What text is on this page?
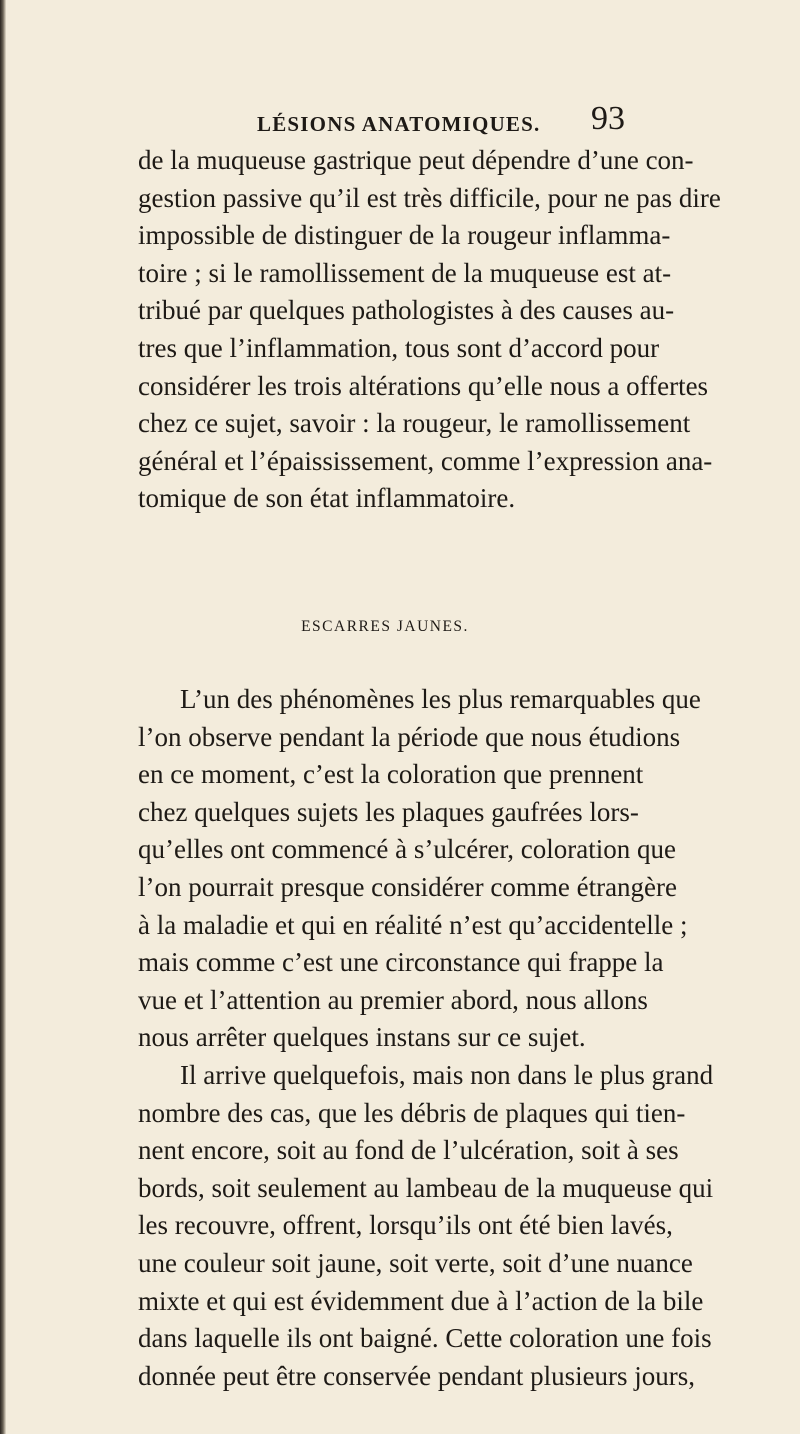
LÉSIONS ANATOMIQUES. 93
de la muqueuse gastrique peut dépendre d’une con-
gestion passive qu’il est très difficile, pour ne pas dire
impossible de distinguer de la rougeur inflamma-
toire ; si le ramollissement de la muqueuse est at-
tribué par quelques pathologistes à des causes au-
tres que l’inflammation, tous sont d’accord pour
considérer les trois altérations qu’elle nous a offertes
chez ce sujet, savoir : la rougeur, le ramollissement
général et l’épaississement, comme l’expression ana-
tomique de son état inflammatoire.
ESCARRES JAUNES.
L’un des phénomènes les plus remarquables que
l’on observe pendant la période que nous étudions
en ce moment, c’est la coloration que prennent
chez quelques sujets les plaques gaufrées lors-
qu’elles ont commencé à s’ulcérer, coloration que
l’on pourrait presque considérer comme étrangère
à la maladie et qui en réalité n’est qu’accidentelle ;
mais comme c’est une circonstance qui frappe la
vue et l’attention au premier abord, nous allons
nous arrêter quelques instans sur ce sujet.
Il arrive quelquefois, mais non dans le plus grand
nombre des cas, que les débris de plaques qui tien-
nent encore, soit au fond de l’ulcération, soit à ses
bords, soit seulement au lambeau de la muqueuse qui
les recouvre, offrent, lorsqu’ils ont été bien lavés,
une couleur soit jaune, soit verte, soit d’une nuance
mixte et qui est évidemment due à l’action de la bile
dans laquelle ils ont baigné. Cette coloration une fois
donnée peut être conservée pendant plusieurs jours,
